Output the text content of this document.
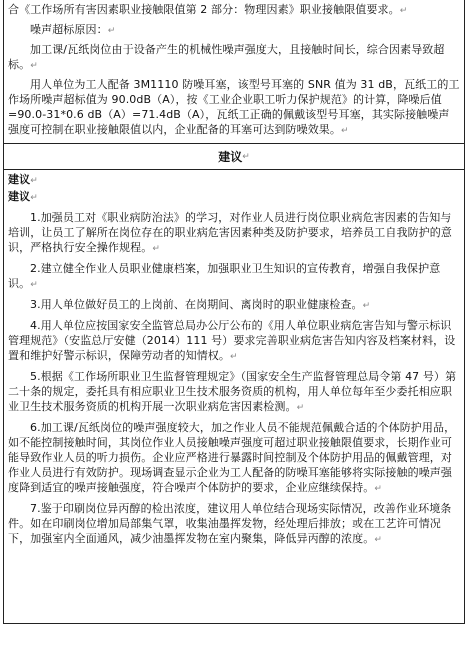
合《工作场所有害因素职业接触限值第 2 部分：物理因素》职业接触限值要求。↵

噪声超标原因：↵

加工课/瓦纸岗位由于设备产生的机械性噪声强度大，且接触时间长，综合因素导致超标。↵

用人单位为工人配备 3M1110 防噪耳塞，该型号耳塞的 SNR 值为 31 dB，瓦纸工的工作场所噪声超标值为 90.0dB（A），按《工业企业职工听力保护规范》的计算，降噪后值=90.0-31*0.6 dB（A）=71.4dB（A），瓦纸工正确的佩戴该型号耳塞，其实际接触噪声强度可控制在职业接触限值以内，企业配备的耳塞可达到防噪效果。↵

建议 ↵

建议↵

建议↵

1.加强员工对《职业病防治法》的学习，对作业人员进行岗位职业病危害因素的告知与培训，让员工了解所在岗位存在的职业病危害因素种类及防护要求，培养员工自我防护的意识，严格执行安全操作规程。↵

2.建立健全作业人员职业健康档案，加强职业卫生知识的宣传教育，增强自我保护意识。↵

3.用人单位做好员工的上岗前、在岗期间、离岗时的职业健康检查。↵

4.用人单位应按国家安全监管总局办公厅公布的《用人单位职业病危害告知与警示标识管理规范》（安监总厅安健（2014）111 号）要求完善职业病危害告知内容及档案材料，设置和维护好警示标识，保障劳动者的知情权。↵

5.根据《工作场所职业卫生监督管理规定》（国家安全生产监督管理总局令第 47 号）第二十条的规定，委托具有相应职业卫生技术服务资质的机构，用人单位每年至少委托相应职业卫生技术服务资质的机构开展一次职业病危害因素检测。↵

6.加工课/瓦纸岗位的噪声强度较大，加之作业人员不能规范佩戴合适的个体防护用品，如不能控制接触时间，其岗位作业人员接触噪声强度可超过职业接触限值要求，长期作业可能导致作业人员的听力损伤。企业应严格进行暴露时间控制及个体防护用品的佩戴管理，对作业人员进行有效防护。现场调查显示企业为工人配备的防噪耳塞能够将实际接触的噪声强度降到适宜的噪声接触强度，符合噪声个体防护的要求，企业应继续保持。↵

7.鉴于印刷岗位异丙醇的检出浓度，建议用人单位结合现场实际情况，改善作业环境条件。如在印刷岗位增加局部集气罩，收集油墨挥发物，经处理后排放；或在工艺许可情况下，加强室内全面通风，减少油墨挥发物在室内聚集，降低异丙醇的浓度。↵
